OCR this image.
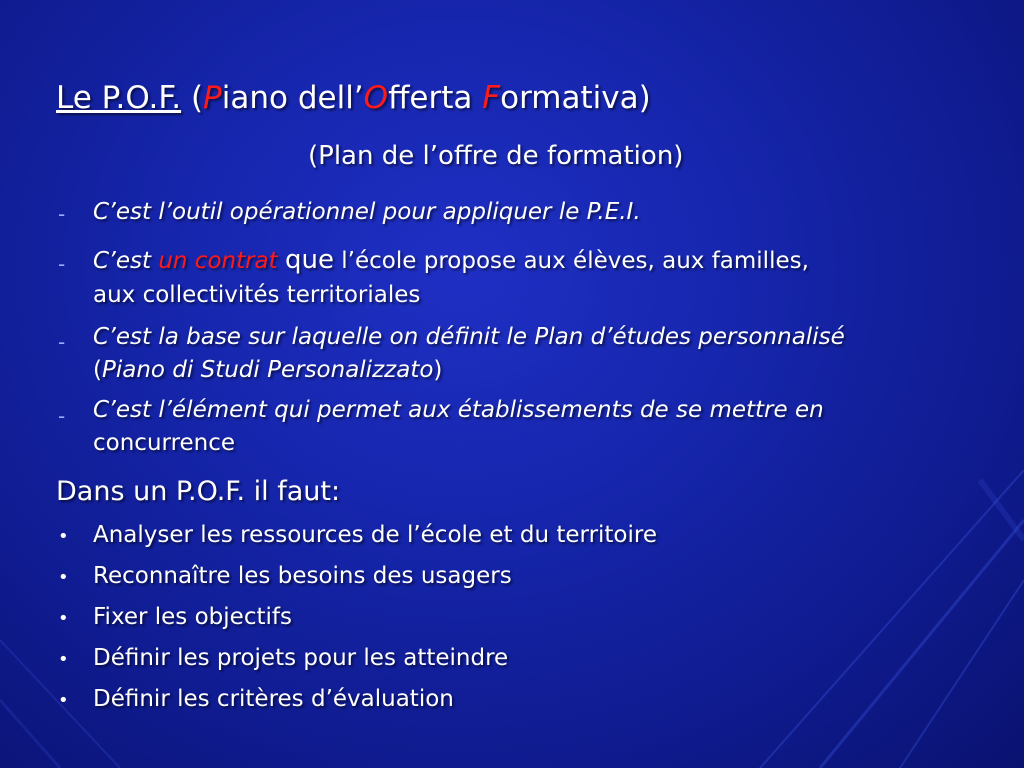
Le P.O.F. (Piano dell’Offerta Formativa)
(Plan de l’offre de formation)
- C’est l’outil opérationnel pour appliquer le P.E.I.
- C’est un contrat que l’école propose aux élèves, aux familles,
aux collectivités territoriales
- C’est la base sur laquelle on définit le Plan d’études personnalisé
(Piano di Studi Personalizzato)
- C’est l’élément qui permet aux établissements de se mettre en
concurrence
Dans un P.O.F. il faut:
• Analyser les ressources de l’école et du territoire
• Reconnaître les besoins des usagers
• Fixer les objectifs
• Définir les projets pour les atteindre
• Définir les critères d’évaluation
